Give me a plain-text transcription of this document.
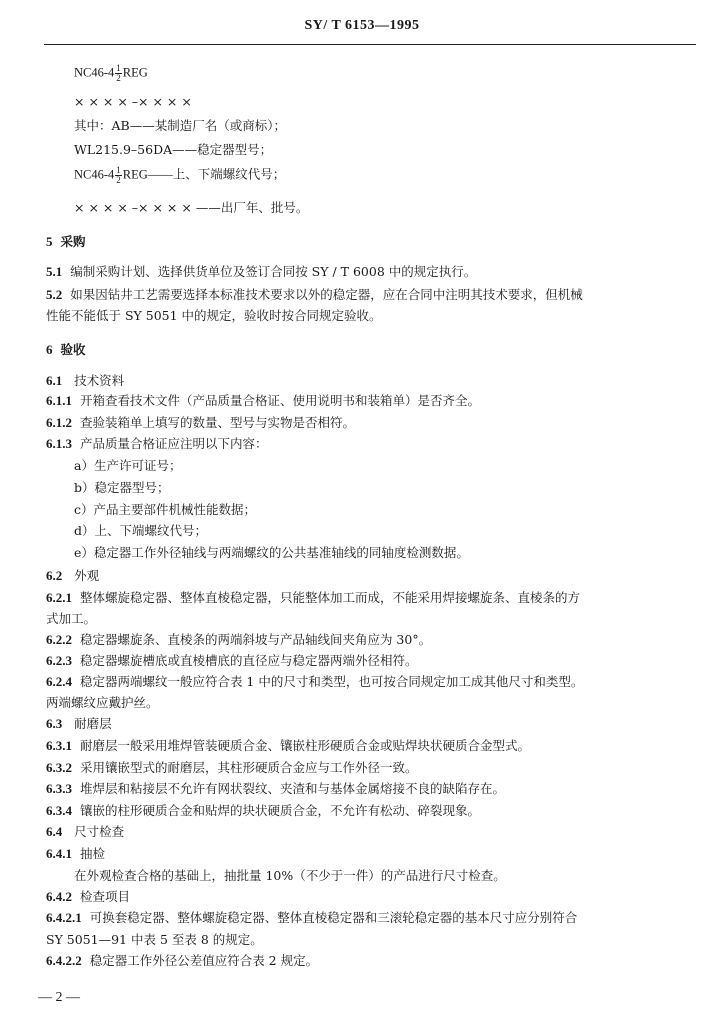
SY/ T 6153—1995
$NC46-4 \frac{1}{2}$ REG
× × × × –× × × ×
其中：AB——某制造厂名（或商标）；
WL215.9–56DA——稳定器型号；
$NC46-4 \frac{1}{2}$ REG——上、下端螺纹代号；
× × × × –× × × × ——出厂年、批号。
5 采购
5.1 编制采购计划、选择供货单位及签订合同按 SY / T 6008 中的规定执行。
5.2 如果因钻井工艺需要选择本标准技术要求以外的稳定器，应在合同中注明其技术要求，但机械
性能不能低于 SY 5051 中的规定，验收时按合同规定验收。
6 验收
6.1 技术资料
6.1.1 开箱查看技术文件（产品质量合格证、使用说明书和装箱单）是否齐全。
6.1.2 查验装箱单上填写的数量、型号与实物是否相符。
6.1.3 产品质量合格证应注明以下内容：
a）生产许可证号；
b）稳定器型号；
c）产品主要部件机械性能数据；
d）上、下端螺纹代号；
e）稳定器工作外径轴线与两端螺纹的公共基准轴线的同轴度检测数据。
6.2 外观
6.2.1 整体螺旋稳定器、整体直棱稳定器，只能整体加工而成，不能采用焊接螺旋条、直棱条的方
式加工。
6.2.2 稳定器螺旋条、直棱条的两端斜坡与产品轴线间夹角应为 30°。
6.2.3 稳定器螺旋槽底或直棱槽底的直径应与稳定器两端外径相符。
6.2.4 稳定器两端螺纹一般应符合表 1 中的尺寸和类型，也可按合同规定加工成其他尺寸和类型。
两端螺纹应戴护丝。
6.3 耐磨层
6.3.1 耐磨层一般采用堆焊管装硬质合金、镶嵌柱形硬质合金或贴焊块状硬质合金型式。
6.3.2 采用镶嵌型式的耐磨层，其柱形硬质合金应与工作外径一致。
6.3.3 堆焊层和粘接层不允许有网状裂纹、夹渣和与基体金属熔接不良的缺陷存在。
6.3.4 镶嵌的柱形硬质合金和贴焊的块状硬质合金，不允许有松动、碎裂现象。
6.4 尺寸检查
6.4.1 抽检
在外观检查合格的基础上，抽批量 10%（不少于一件）的产品进行尺寸检查。
6.4.2 检查项目
6.4.2.1 可换套稳定器、整体螺旋稳定器、整体直棱稳定器和三滚轮稳定器的基本尺寸应分别符合
SY 5051—91 中表 5 至表 8 的规定。
6.4.2.2 稳定器工作外径公差值应符合表 2 规定。
— 2 —
